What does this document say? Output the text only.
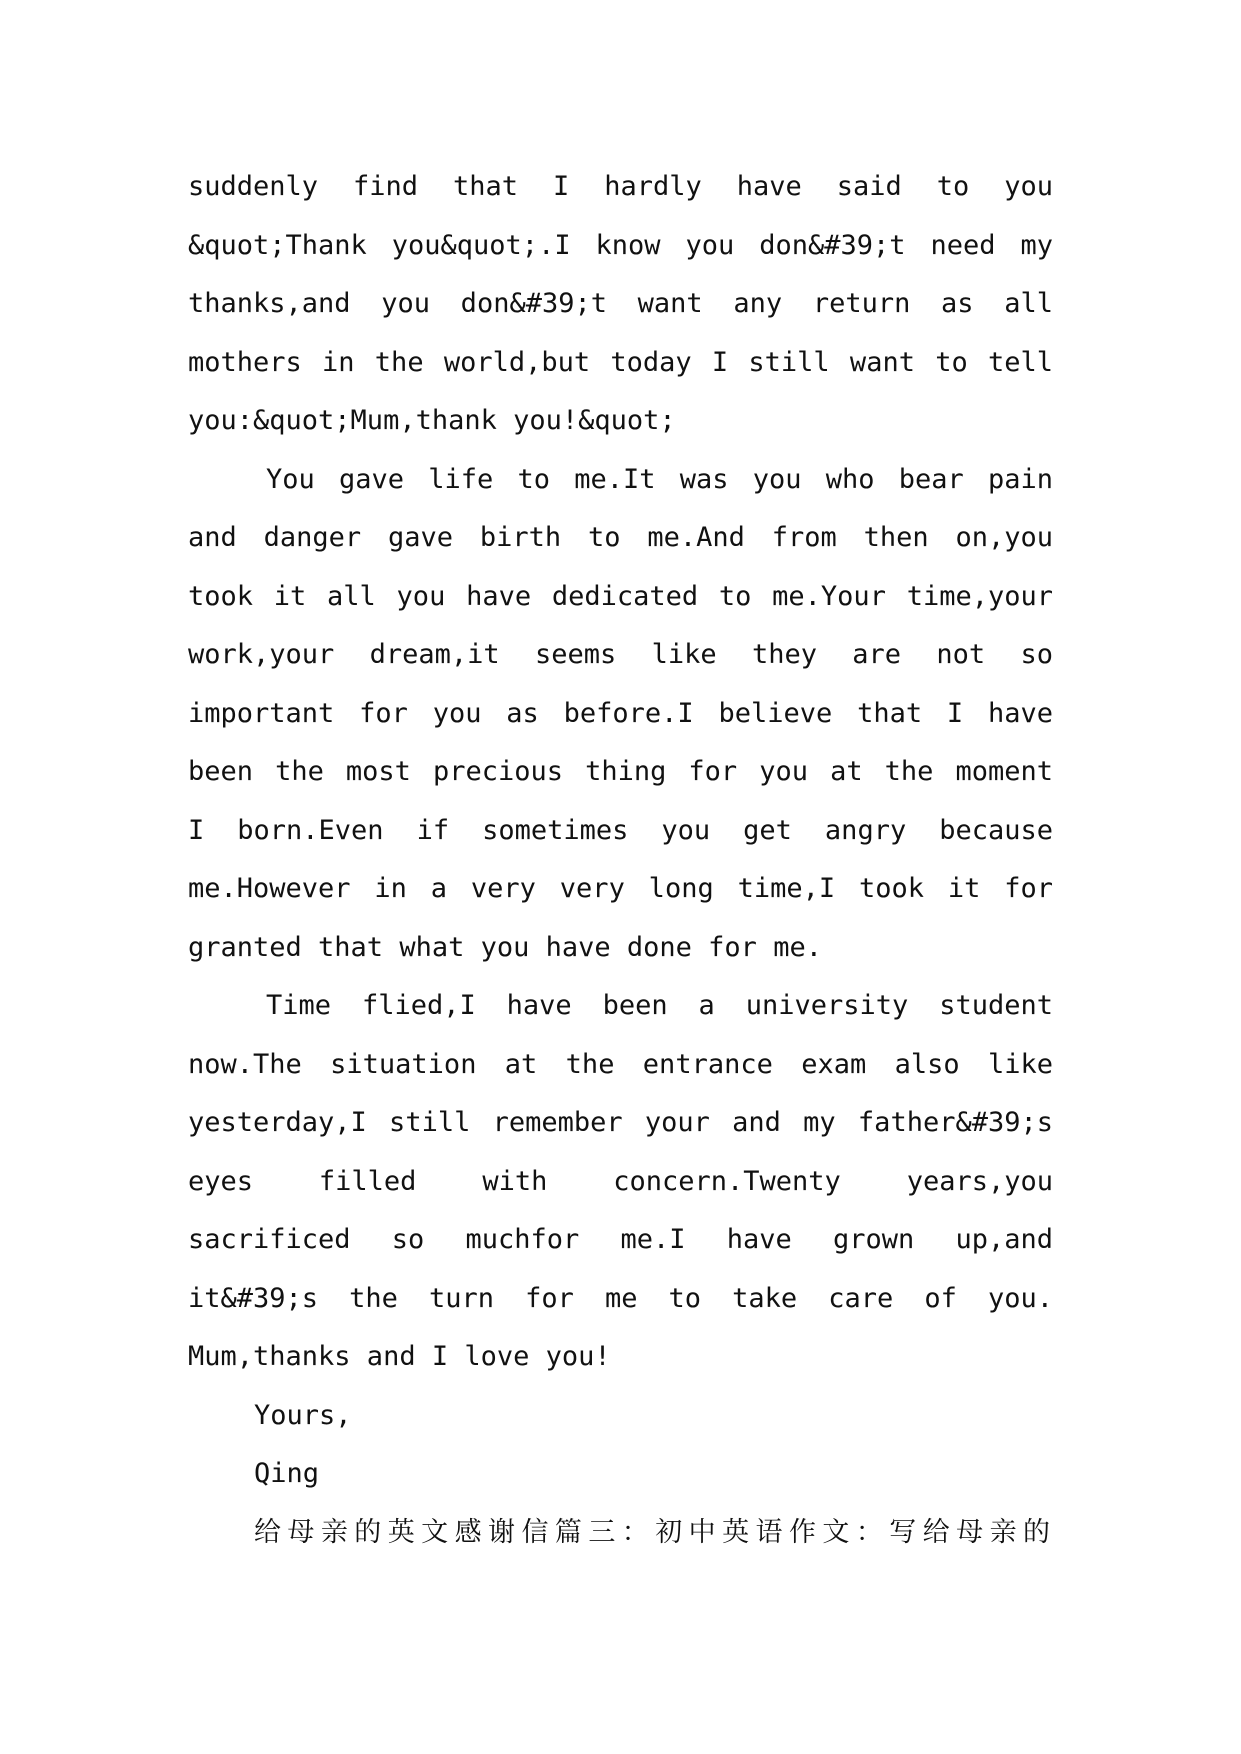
suddenly find that I hardly have said to you
&quot;Thank you&quot;.I know you don&#39;t need my
thanks,and you don&#39;t want any return as all
mothers in the world,but today I still want to tell
you:&quot;Mum,thank you!&quot;
You gave life to me.It was you who bear pain
and danger gave birth to me.And from then on,you
took it all you have dedicated to me.Your time,your
work,your dream,it seems like they are not so
important for you as before.I believe that I have
been the most precious thing for you at the moment
I born.Even if sometimes you get angry because
me.However in a very very long time,I took it for
granted that what you have done for me.
Time flied,I have been a university student
now.The situation at the entrance exam also like
yesterday,I still remember your and my father&#39;s
eyes filled with concern.Twenty years,you
sacrificed so muchfor me.I have grown up,and
it&#39;s the turn for me to take care of you.
Mum,thanks and I love you!
Yours,
Qing
给母亲的英文感谢信篇三：初中英语作文：写给母亲的
